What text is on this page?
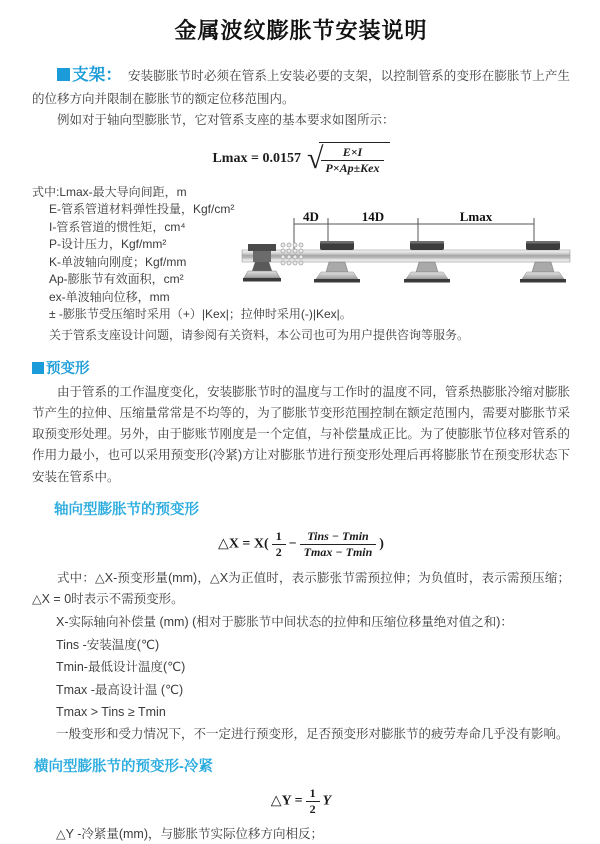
金属波纹膨胀节安装说明

支架： 安装膨胀节时必须在管系上安装必要的支架，以控制管系的变形在膨胀节上产生的位移方向并限制在膨胀节的额定位移范围内。

例如对于轴向型膨胀节，它对管系支座的基本要求如图所示：

Lmax = 0.0157 √
$\frac{E\times I}{\text{P×Ap±Kex}}$
式中:Lmax-最大导向间距，m
E-管系管道材料弹性投量，Kgf/cm²
I-管系管道的惯性矩，cm⁴
P-设计压力，Kgf/mm²
K-单波轴向刚度；Kgf/mm
Ap-膨胀节有效面积，cm²
ex-单波轴向位移，mm
± -膨胀节受压缩时采用（+）|Kex|；拉伸时采用(-)|Kex|。
4D	14D	Lmax

关于管系支座设计问题，请参阅有关资料，本公司也可为用户提供咨询等服务。

预变形

由于管系的工作温度变化，安装膨胀节时的温度与工作时的温度不同，管系热膨胀冷缩对膨胀节产生的拉伸、压缩量常常是不均等的，为了膨胀节变形范围控制在额定范围内，需要对膨胀节采取预变形处理。另外，由于膨账节刚度是一个定值，与补偿量成正比。为了使膨胀节位移对管系的作用力最小，也可以采用预变形(冷紧)方让对膨胀节进行预变形处理后再将膨胀节在预变形状态下安装在管系中。

轴向型膨胀节的预变形
△X = $X( \frac{1}{2} - \frac{\text{Tins − Tmin}}{Tmax - Tmin}$ )

式中：△X-预变形量(mm)，△X为正值时，表示膨张节需预拉伸；为负值时，表示需预压缩；△X = 0时表示不需预变形。

X-实际轴向补偿量 (mm) (相对于膨胀节中间状态的拉伸和压缩位移量绝对值之和)：
Tins -安装温度(℃)
Tmin-最低设计温度(℃)
Tmax -最高设计温 (℃)
Tmax > Tins ≥ Tmin
一般变形和受力情况下，不一定进行预变形，足否预变形对膨胀节的疲劳寿命几乎没有影响。
横向型膨胀节的预变形-冷紧
△Y = $\frac{1}{2}$ Y
△Y -冷紧量(mm)，与膨胀节实际位移方向相反；
